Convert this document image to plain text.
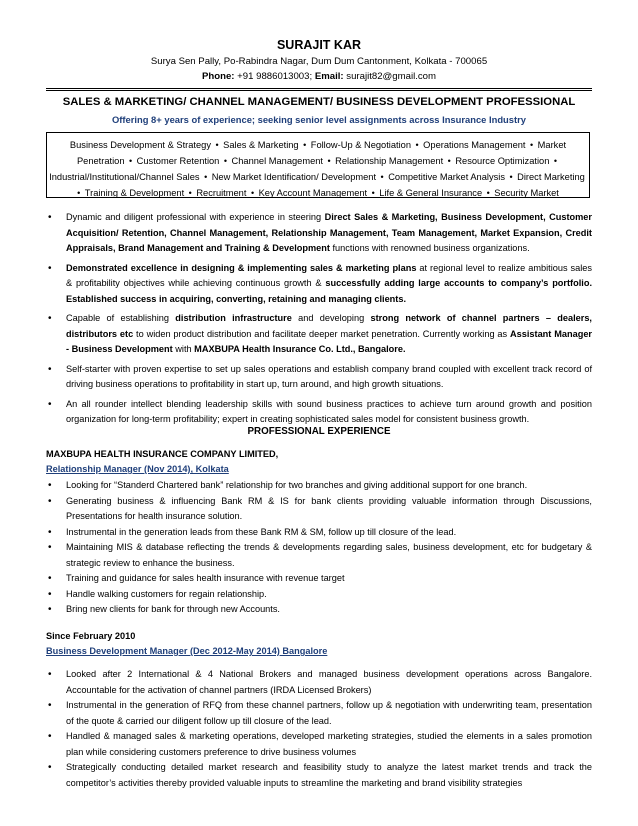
SURAJIT KAR
Surya Sen Pally, Po-Rabindra Nagar, Dum Dum Cantonment, Kolkata - 700065
Phone: +91 9886013003; Email: surajit82@gmail.com
SALES & MARKETING/ CHANNEL MANAGEMENT/ BUSINESS DEVELOPMENT PROFESSIONAL
Offering 8+ years of experience; seeking senior level assignments across Insurance Industry
Business Development & Strategy • Sales & Marketing • Follow-Up & Negotiation • Operations Management • Market Penetration • Customer Retention • Channel Management • Relationship Management • Resource Optimization • Industrial/Institutional/Channel Sales • New Market Identification/ Development • Competitive Market Analysis • Direct Marketing • Training & Development • Recruitment • Key Account Management • Life & General Insurance • Security Market
• Dynamic and diligent professional with experience in steering Direct Sales & Marketing, Business Development, Customer Acquisition/ Retention, Channel Management, Relationship Management, Team Management, Market Expansion, Credit Appraisals, Brand Management and Training & Development functions with renowned business organizations.
• Demonstrated excellence in designing & implementing sales & marketing plans at regional level to realize ambitious sales & profitability objectives while achieving continuous growth & successfully adding large accounts to company’s portfolio. Established success in acquiring, converting, retaining and managing clients.
• Capable of establishing distribution infrastructure and developing strong network of channel partners – dealers, distributors etc to widen product distribution and facilitate deeper market penetration. Currently working as Assistant Manager - Business Development with MAXBUPA Health Insurance Co. Ltd., Bangalore.
• Self-starter with proven expertise to set up sales operations and establish company brand coupled with excellent track record of driving business operations to profitability in start up, turn around, and high growth situations.
• An all rounder intellect blending leadership skills with sound business practices to achieve turn around growth and position organization for long-term profitability; expert in creating sophisticated sales model for consistent business growth.
PROFESSIONAL EXPERIENCE
MAXBUPA HEALTH INSURANCE COMPANY LIMITED,
Relationship Manager (Nov 2014), Kolkata
• Looking for “Standerd Chartered bank” relationship for two branches and giving additional support for one branch.
• Generating business & influencing Bank RM & IS for bank clients providing valuable information through Discussions, Presentations for health insurance solution.
• Instrumental in the generation leads from these Bank RM & SM, follow up till closure of the lead.
• Maintaining MIS & database reflecting the trends & developments regarding sales, business development, etc for budgetary & strategic review to enhance the business.
• Training and guidance for sales health insurance with revenue target
• Handle walking customers for regain relationship.
• Bring new clients for bank for through new Accounts.
Since February 2010
Business Development Manager (Dec 2012-May 2014) Bangalore
• Looked after 2 International & 4 National Brokers and managed business development operations across Bangalore. Accountable for the activation of channel partners (IRDA Licensed Brokers)
• Instrumental in the generation of RFQ from these channel partners, follow up & negotiation with underwriting team, presentation of the quote & carried our diligent follow up till closure of the lead.
• Handled & managed sales & marketing operations, developed marketing strategies, studied the elements in a sales promotion plan while considering customers preference to drive business volumes
• Strategically conducting detailed market research and feasibility study to analyze the latest market trends and track the competitor’s activities thereby provided valuable inputs to streamline the marketing and brand visibility strategies
